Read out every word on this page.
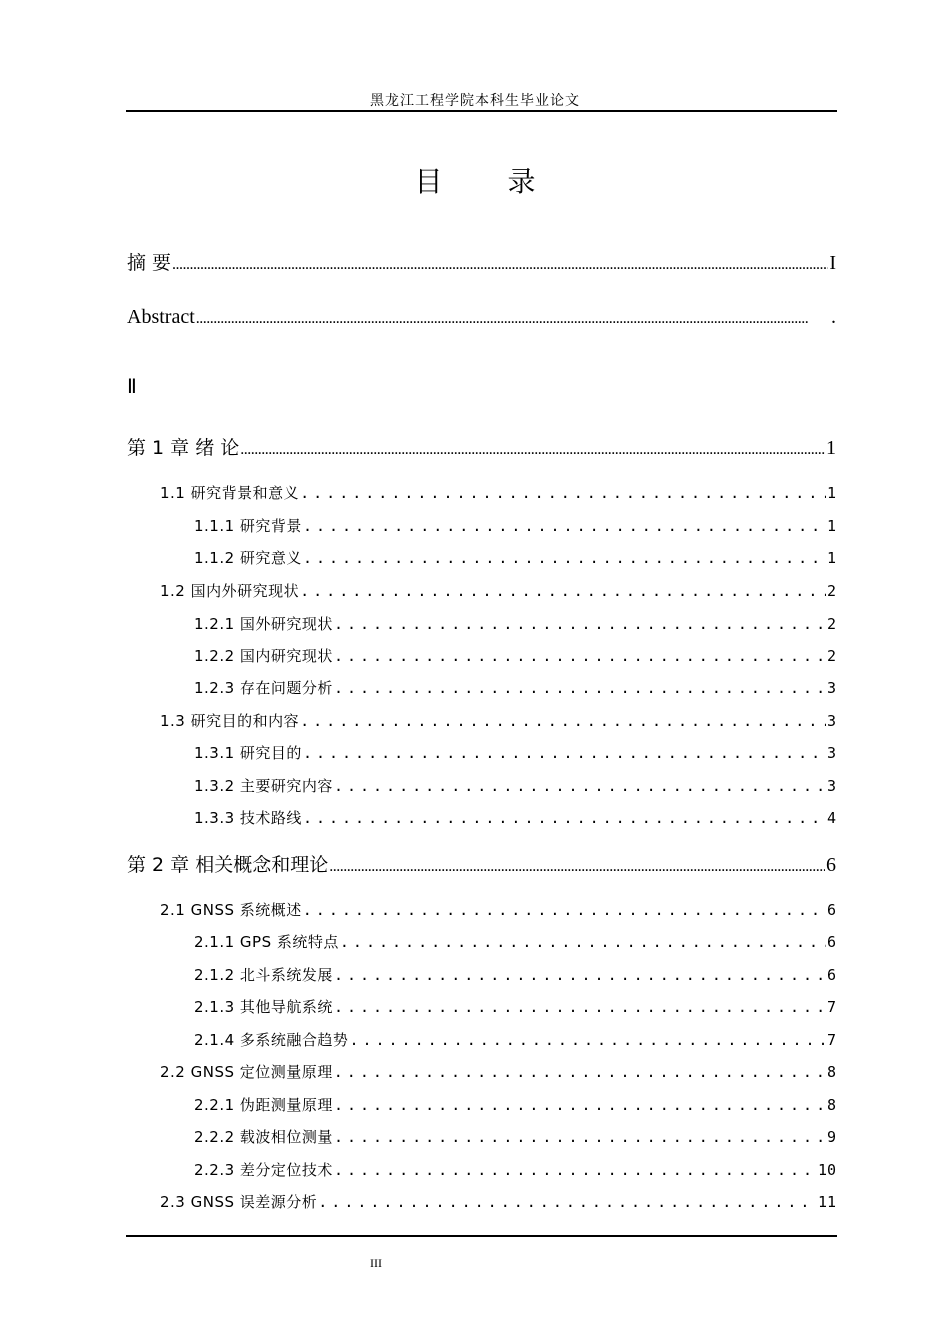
黑龙江工程学院本科生毕业论文
目 录
摘 要 .....	I
Abstract .....	.
第 1 章 绪 论 .....	1
1.1 研究背景和意义 .....	1
1.1.1 研究背景 .....	1
1.1.2 研究意义 .....	1
1.2 国内外研究现状 .....	2
1.2.1 国外研究现状 .....	2
1.2.2 国内研究现状 .....	2
1.2.3 存在问题分析 .....	3
1.3 研究目的和内容 .....	3
1.3.1 研究目的 .....	3
1.3.2 主要研究内容 .....	3
1.3.3 技术路线 .....	4
第 2 章 相关概念和理论 .....	6
2.1 GNSS 系统概述 .....	6
2.1.1 GPS 系统特点 .....	6
2.1.2 北斗系统发展 .....	6
2.1.3 其他导航系统 .....	7
2.1.4 多系统融合趋势 .....	7
2.2 GNSS 定位测量原理 .....	8
2.2.1 伪距测量原理 .....	8
2.2.2 载波相位测量 .....	9
2.2.3 差分定位技术 .....	10
2.3 GNSS 误差源分析 .....	11
Ⅱ
III
